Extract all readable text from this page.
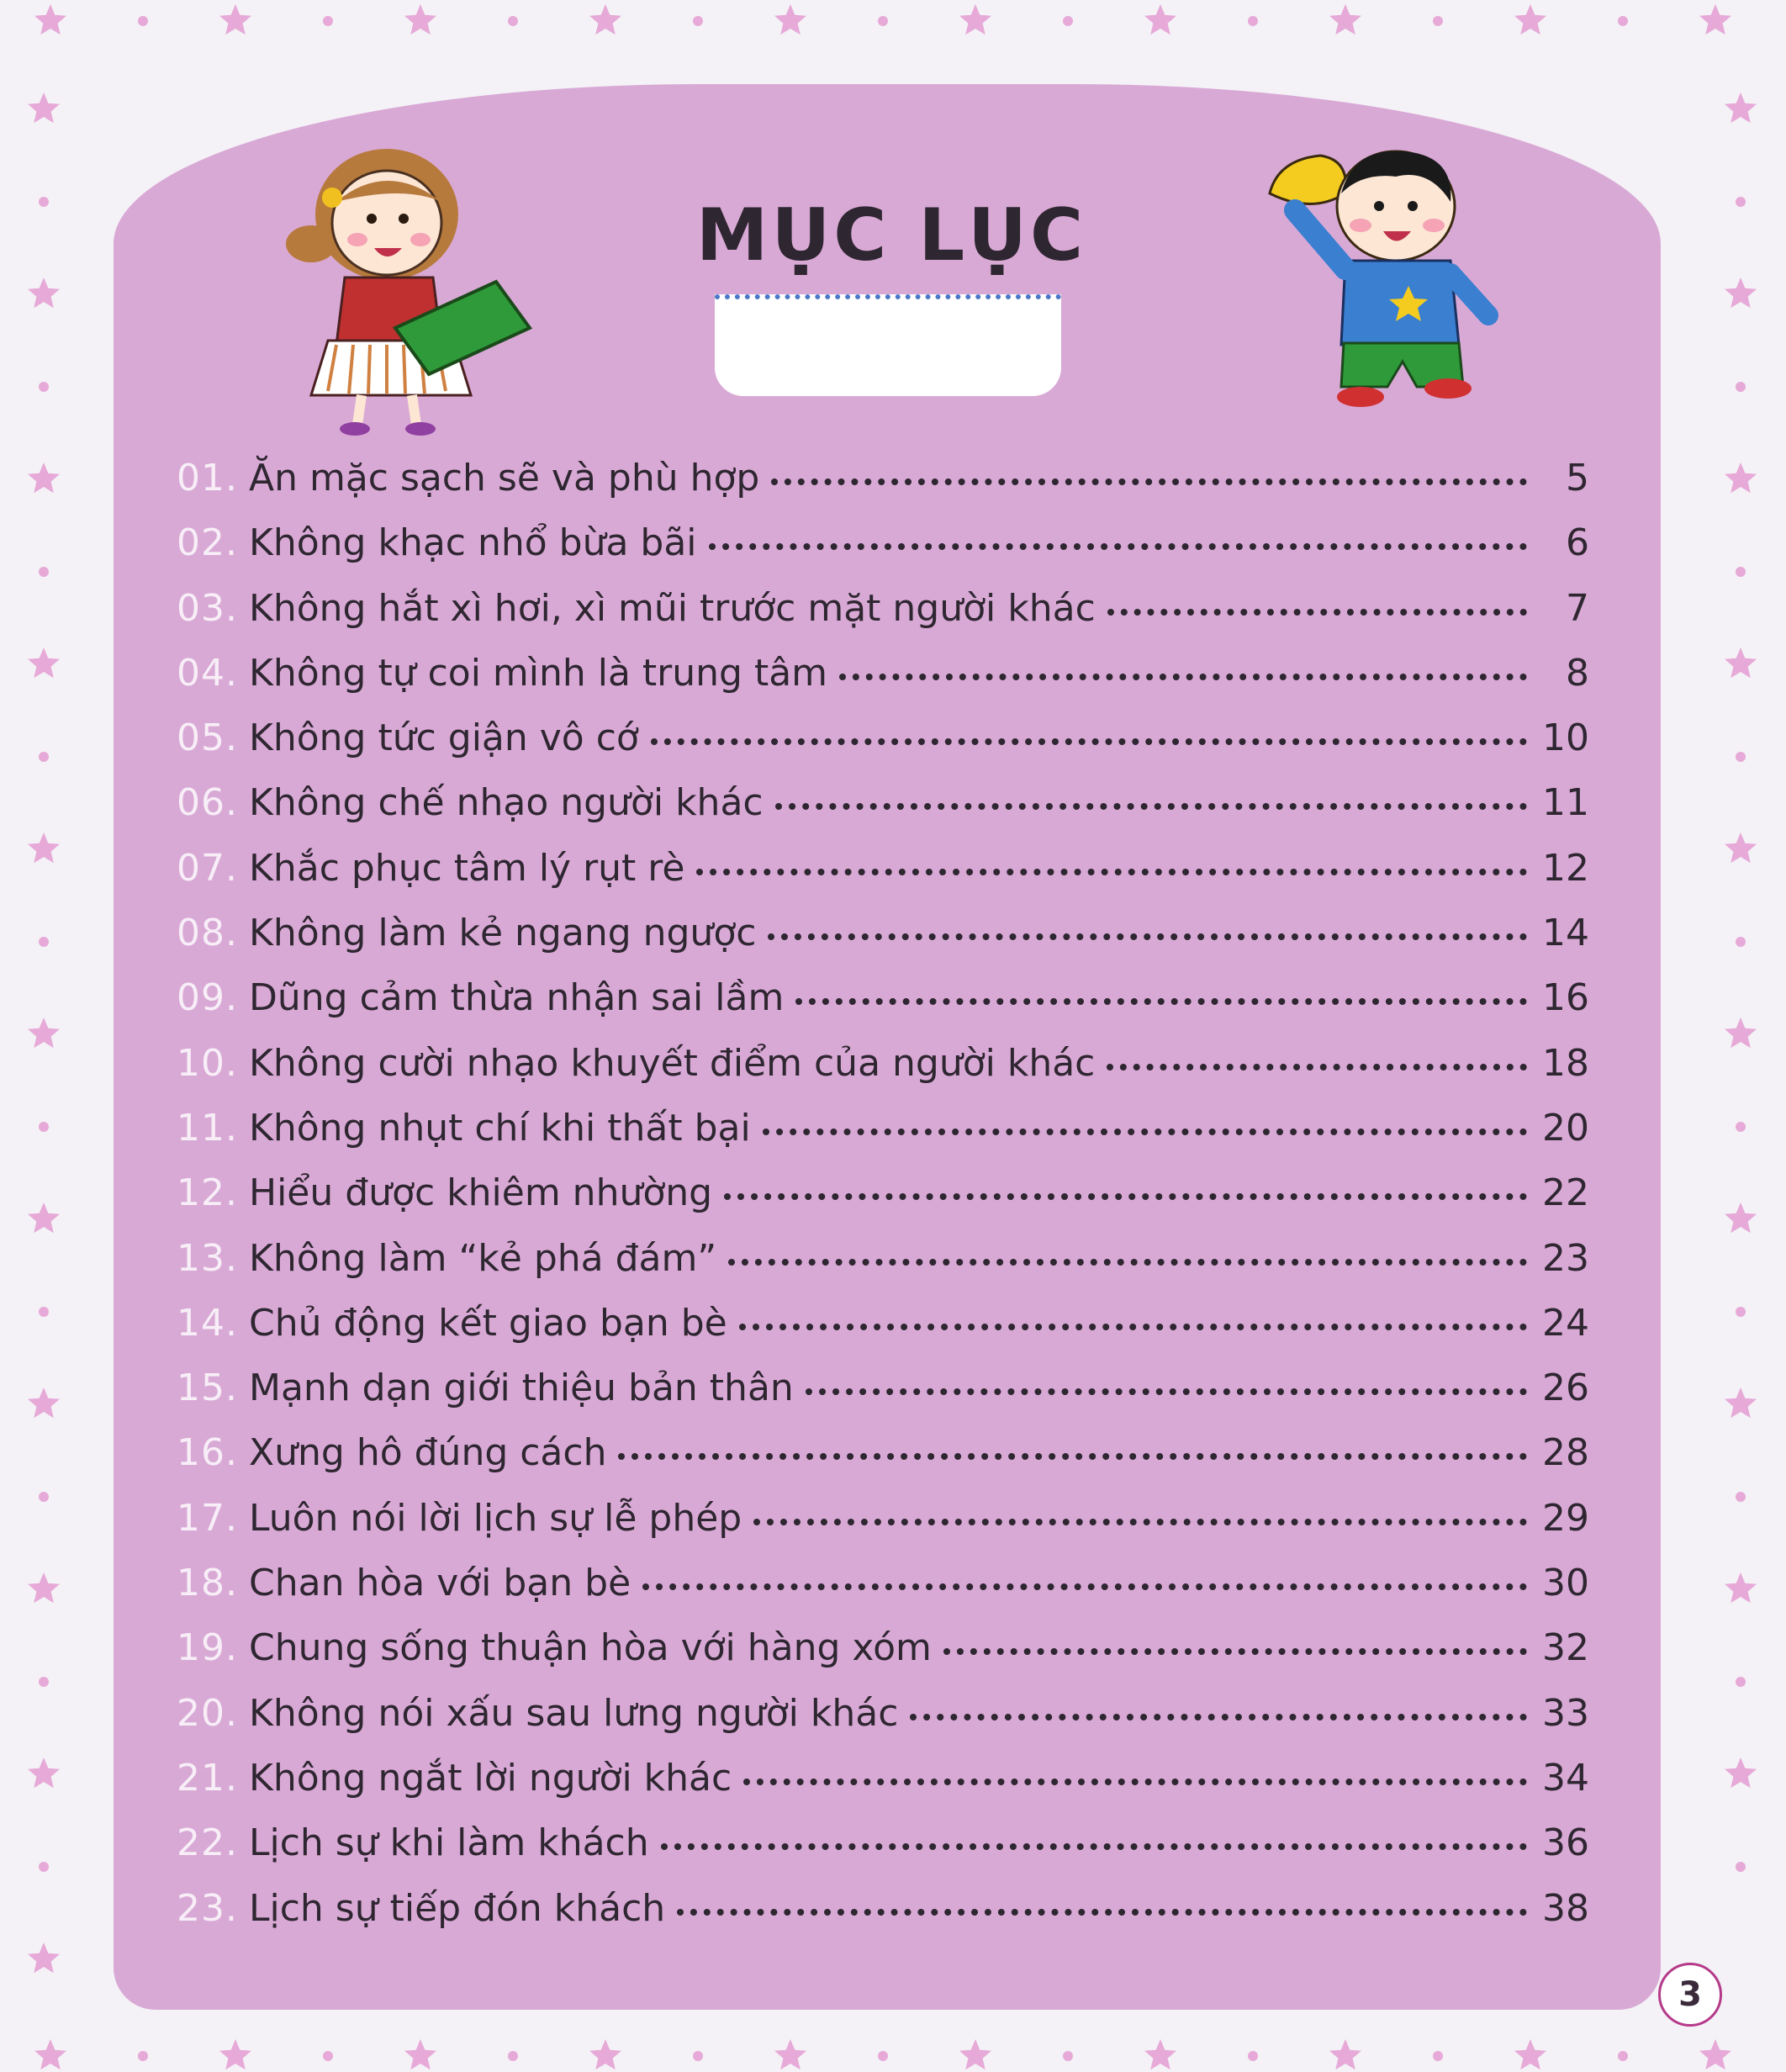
MỤC LỤC
01 . Ăn mặc sạch sẽ và phù hợp	5
02 . Không khạc nhổ bừa bãi	6
03 . Không hắt xì hơi, xì mũi trước mặt người khác	7
04 . Không tự coi mình là trung tâm	8
05 . Không tức giận vô cớ	10
06 . Không chế nhạo người khác	11
07 . Khắc phục tâm lý rụt rè	12
08 . Không làm kẻ ngang ngược	14
09 . Dũng cảm thừa nhận sai lầm	16
10 . Không cười nhạo khuyết điểm của người khác	18
11 . Không nhụt chí khi thất bại	20
12 . Hiểu được khiêm nhường	22
13 . Không làm “kẻ phá đám”	23
14 . Chủ động kết giao bạn bè	24
15 . Mạnh dạn giới thiệu bản thân	26
16 . Xưng hô đúng cách	28
17 . Luôn nói lời lịch sự lễ phép	29
18 . Chan hòa với bạn bè	30
19 . Chung sống thuận hòa với hàng xóm	32
20 . Không nói xấu sau lưng người khác	33
21 . Không ngắt lời người khác	34
22 . Lịch sự khi làm khách	36
23 . Lịch sự tiếp đón khách	38
3
